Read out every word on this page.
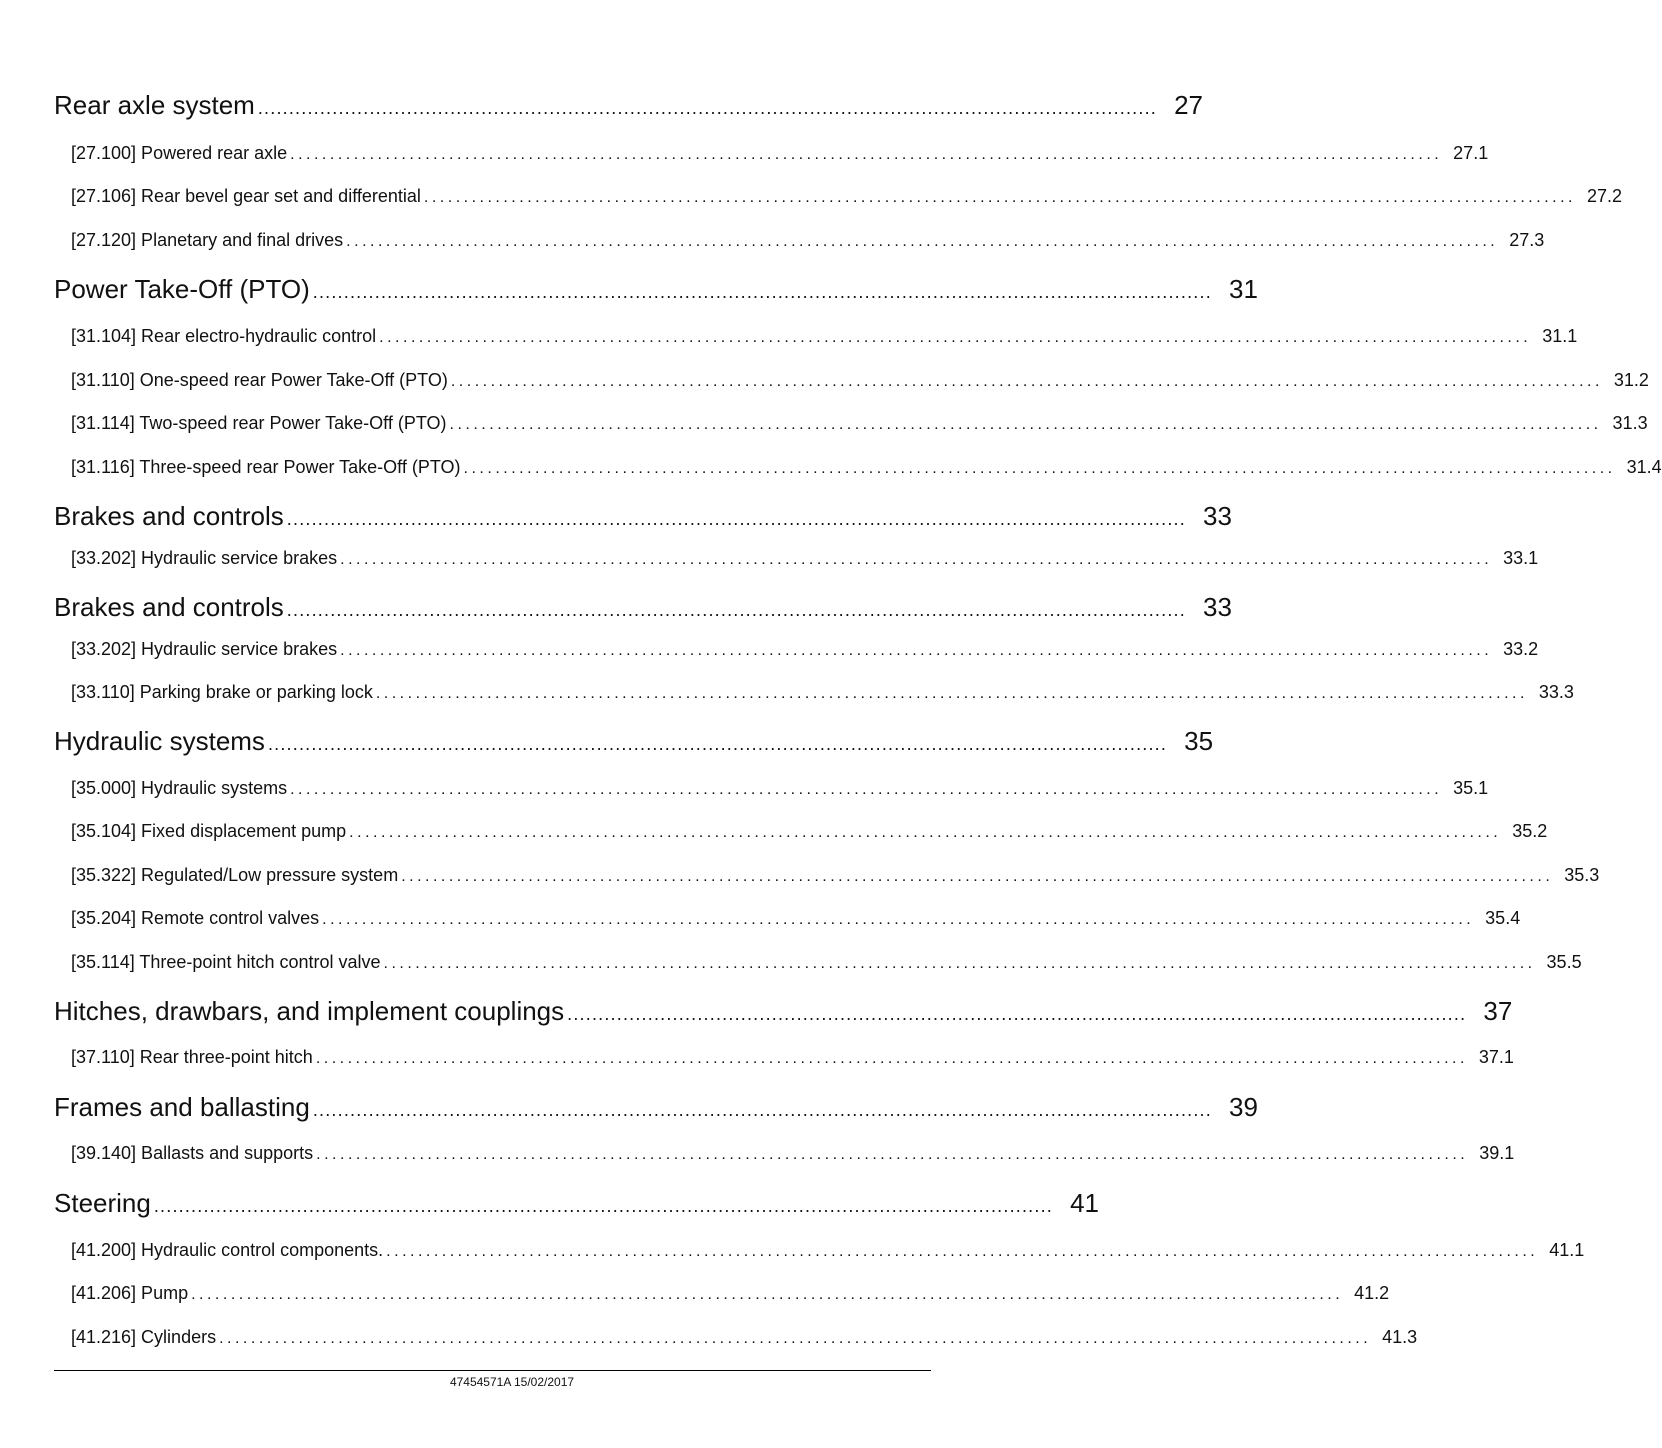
Rear axle system ................................................................................................................................................. 27
[27.100] Powered rear axle ................................................................................................................................................. 27.1
[27.106] Rear bevel gear set and differential ................................................................................................................................................. 27.2
[27.120] Planetary and final drives ................................................................................................................................................. 27.3
Power Take-Off (PTO) ................................................................................................................................................. 31
[31.104] Rear electro-hydraulic control ................................................................................................................................................. 31.1
[31.110] One-speed rear Power Take-Off (PTO) ................................................................................................................................................. 31.2
[31.114] Two-speed rear Power Take-Off (PTO) ................................................................................................................................................. 31.3
[31.116] Three-speed rear Power Take-Off (PTO) ................................................................................................................................................. 31.4
Brakes and controls ................................................................................................................................................. 33
[33.202] Hydraulic service brakes ................................................................................................................................................. 33.1
Brakes and controls ................................................................................................................................................. 33
[33.202] Hydraulic service brakes ................................................................................................................................................. 33.2
[33.110] Parking brake or parking lock ................................................................................................................................................. 33.3
Hydraulic systems ................................................................................................................................................. 35
[35.000] Hydraulic systems ................................................................................................................................................. 35.1
[35.104] Fixed displacement pump ................................................................................................................................................. 35.2
[35.322] Regulated/Low pressure system ................................................................................................................................................. 35.3
[35.204] Remote control valves ................................................................................................................................................. 35.4
[35.114] Three-point hitch control valve ................................................................................................................................................. 35.5
Hitches, drawbars, and implement couplings ................................................................................................................................................. 37
[37.110] Rear three-point hitch ................................................................................................................................................. 37.1
Frames and ballasting ................................................................................................................................................. 39
[39.140] Ballasts and supports ................................................................................................................................................. 39.1
Steering ................................................................................................................................................. 41
[41.200] Hydraulic control components. ................................................................................................................................................. 41.1
[41.206] Pump ................................................................................................................................................. 41.2
[41.216] Cylinders ................................................................................................................................................. 41.3
47454571A 15/02/2017
